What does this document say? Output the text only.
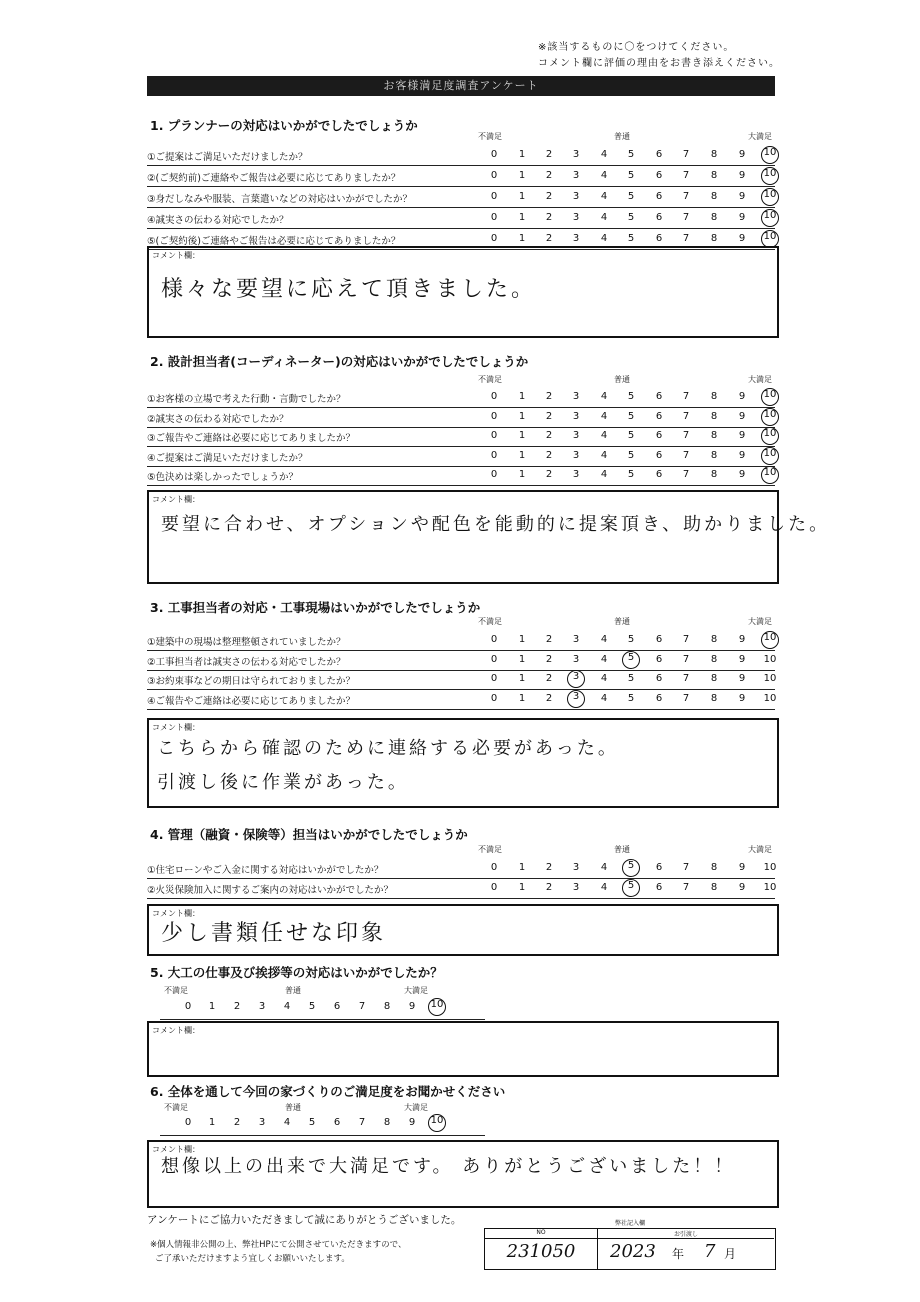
※該当するものに〇をつけてください。
コメント欄に評価の理由をお書き添えください。
お客様満足度調査アンケート
1. プランナーの対応はいかがでしたでしょうか
不満足	普通	大満足
①ご提案はご満足いただけましたか？	0	1	2	3	4	5	6	7	8	9	10
②(ご契約前)ご連絡やご報告は必要に応じてありましたか？	0	1	2	3	4	5	6	7	8	9	10
③身だしなみや服装、言葉遣いなどの対応はいかがでしたか？	0	1	2	3	4	5	6	7	8	9	10
④誠実さの伝わる対応でしたか？	0	1	2	3	4	5	6	7	8	9	10
⑤(ご契約後)ご連絡やご報告は必要に応じてありましたか？	0	1	2	3	4	5	6	7	8	9	10
コメント欄：
様々な要望に応えて頂きました。
2. 設計担当者(コーディネーター)の対応はいかがでしたでしょうか
不満足	普通	大満足
①お客様の立場で考えた行動・言動でしたか？	0	1	2	3	4	5	6	7	8	9	10
②誠実さの伝わる対応でしたか？	0	1	2	3	4	5	6	7	8	9	10
③ご報告やご連絡は必要に応じてありましたか？	0	1	2	3	4	5	6	7	8	9	10
④ご提案はご満足いただけましたか？	0	1	2	3	4	5	6	7	8	9	10
⑤色決めは楽しかったでしょうか？	0	1	2	3	4	5	6	7	8	9	10
コメント欄：
要望に合わせ、オプションや配色を能動的に提案頂き、助かりました。
3. 工事担当者の対応・工事現場はいかがでしたでしょうか
不満足	普通	大満足
①建築中の現場は整理整頓されていましたか？	0	1	2	3	4	5	6	7	8	9	10
②工事担当者は誠実さの伝わる対応でしたか？	0	1	2	3	4	5	6	7	8	9	10
③お約束事などの期日は守られておりましたか？	0	1	2	3	4	5	6	7	8	9	10
④ご報告やご連絡は必要に応じてありましたか？	0	1	2	3	4	5	6	7	8	9	10
コメント欄：
こちらから確認のために連絡する必要があった。
引渡し後に作業があった。
4. 管理（融資・保険等）担当はいかがでしたでしょうか
不満足	普通	大満足
①住宅ローンやご入金に関する対応はいかがでしたか？	0	1	2	3	4	5	6	7	8	9	10
②火災保険加入に関するご案内の対応はいかがでしたか？	0	1	2	3	4	5	6	7	8	9	10
コメント欄：
少し書類任せな印象
5. 大工の仕事及び挨拶等の対応はいかがでしたか？
不満足	普通	大満足
0	1	2	3	4	5	6	7	8	9	10
コメント欄：
6. 全体を通して今回の家づくりのご満足度をお聞かせください
不満足	普通	大満足
0	1	2	3	4	5	6	7	8	9	10
コメント欄：
想像以上の出来で大満足です。 ありがとうございました！！
アンケートにご協力いただきまして誠にありがとうございました。
※個人情報非公開の上、弊社HPにて公開させていただきますので、
ご了承いただけますよう宜しくお願いいたします。
弊社記入欄
NO
231050
お引渡し
2023 年 7 月
